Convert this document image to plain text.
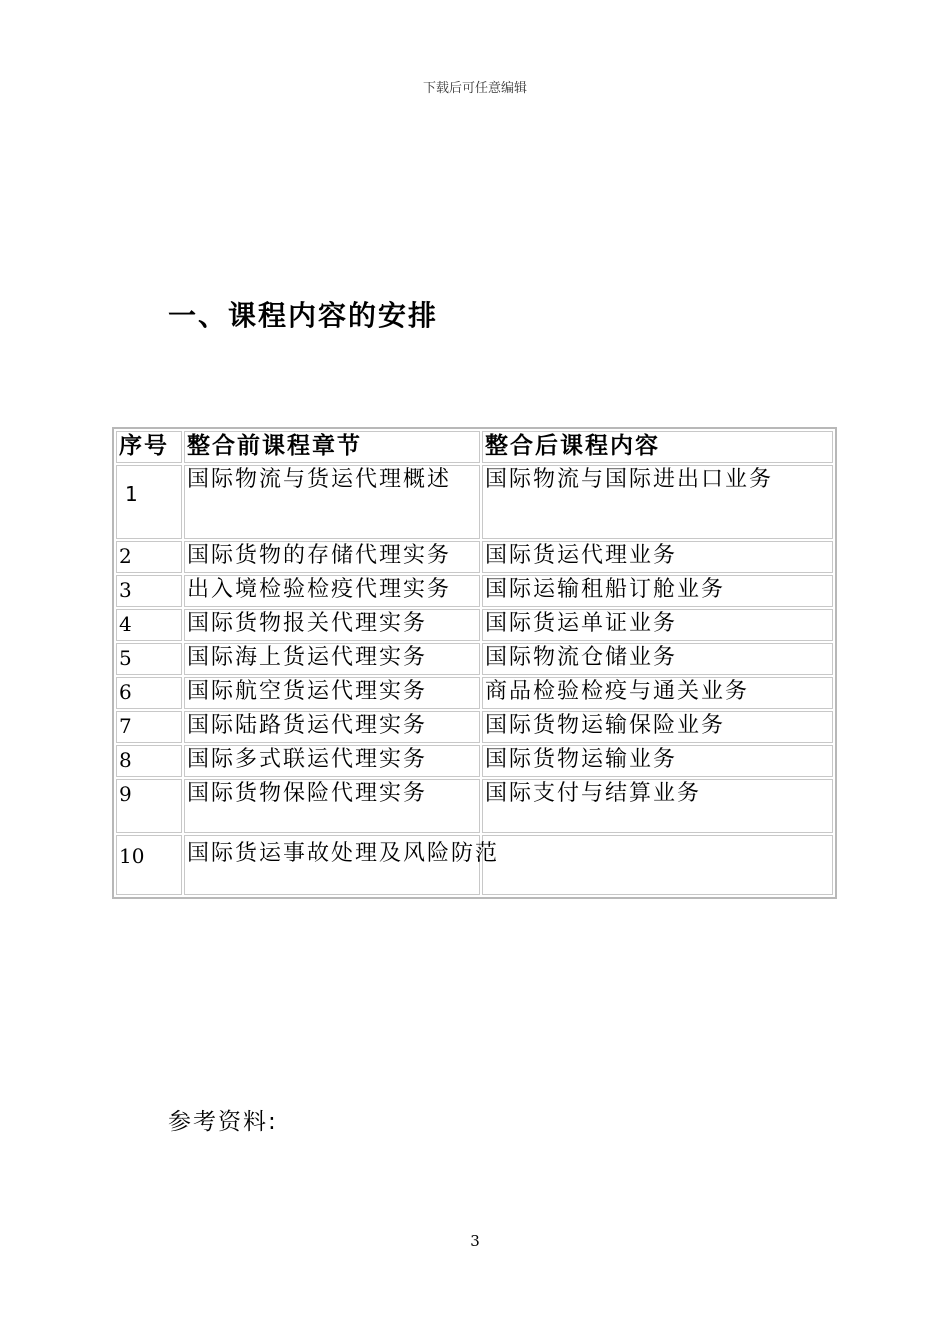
下载后可任意编辑
一、课程内容的安排
序号	整合前课程章节	整合后课程内容
1	国际物流与货运代理概述	国际物流与国际进出口业务
2	国际货物的存储代理实务	国际货运代理业务
3	出入境检验检疫代理实务	国际运输租船订舱业务
4	国际货物报关代理实务	国际货运单证业务
5	国际海上货运代理实务	国际物流仓储业务
6	国际航空货运代理实务	商品检验检疫与通关业务
7	国际陆路货运代理实务	国际货物运输保险业务
8	国际多式联运代理实务	国际货物运输业务
9	国际货物保险代理实务	国际支付与结算业务
10	国际货运事故处理及风险防范	
参考资料:
3
